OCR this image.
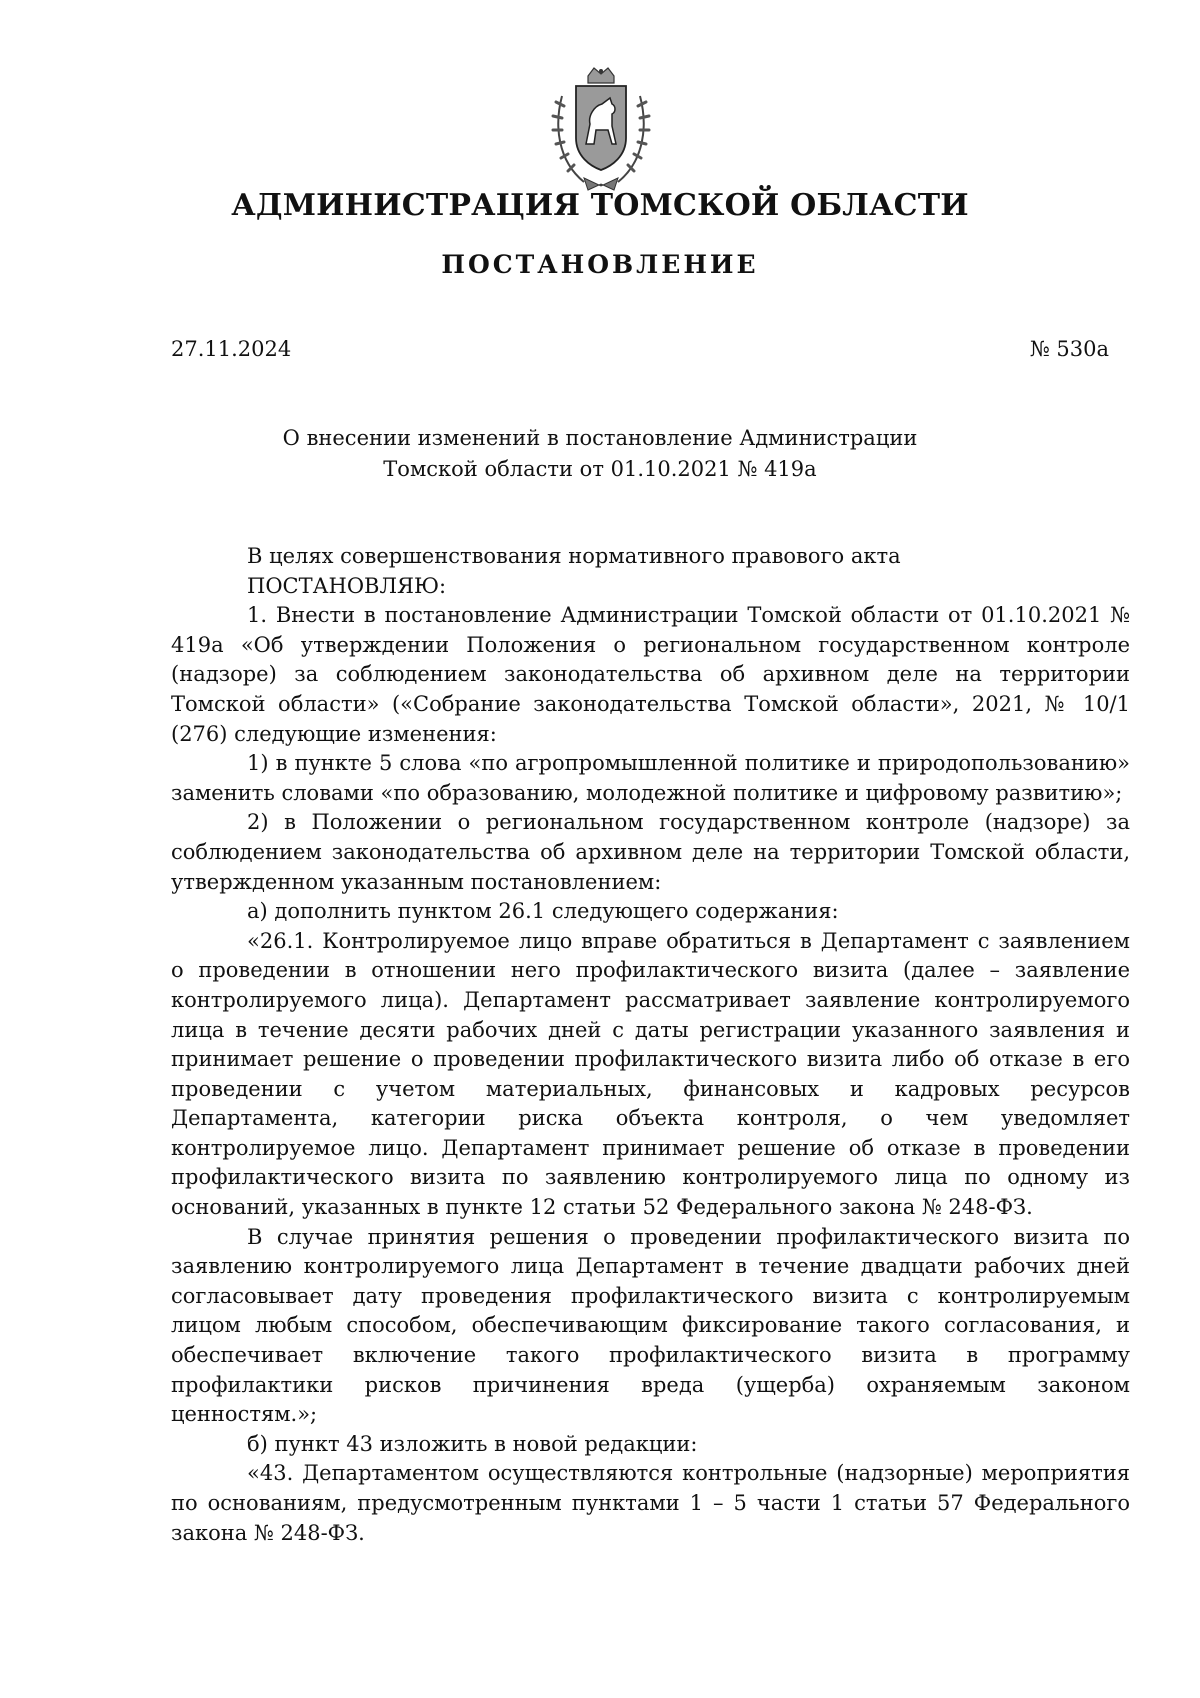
АДМИНИСТРАЦИЯ ТОМСКОЙ ОБЛАСТИ
ПОСТАНОВЛЕНИЕ
27.11.2024	№ 530а
О внесении изменений в постановление Администрации
Томской области от 01.10.2021 № 419а

В целях совершенствования нормативного правового акта

ПОСТАНОВЛЯЮ:

1. Внести в постановление Администрации Томской области от 01.10.2021 № 419а «Об утверждении Положения о региональном государственном контроле (надзоре) за соблюдением законодательства об архивном деле на территории Томской области» («Собрание законодательства Томской области», 2021, № 10/1 (276) следующие изменения:

1) в пункте 5 слова «по агропромышленной политике и природопользованию» заменить словами «по образованию, молодежной политике и цифровому развитию»;

2) в Положении о региональном государственном контроле (надзоре) за соблюдением законодательства об архивном деле на территории Томской области, утвержденном указанным постановлением:

а) дополнить пунктом 26.1 следующего содержания:

«26.1. Контролируемое лицо вправе обратиться в Департамент с заявлением о проведении в отношении него профилактического визита (далее – заявление контролируемого лица). Департамент рассматривает заявление контролируемого лица в течение десяти рабочих дней с даты регистрации указанного заявления и принимает решение о проведении профилактического визита либо об отказе в его проведении с учетом материальных, финансовых и кадровых ресурсов Департамента, категории риска объекта контроля, о чем уведомляет контролируемое лицо. Департамент принимает решение об отказе в проведении профилактического визита по заявлению контролируемого лица по одному из оснований, указанных в пункте 12 статьи 52 Федерального закона № 248-ФЗ.

В случае принятия решения о проведении профилактического визита по заявлению контролируемого лица Департамент в течение двадцати рабочих дней согласовывает дату проведения профилактического визита с контролируемым лицом любым способом, обеспечивающим фиксирование такого согласования, и обеспечивает включение такого профилактического визита в программу профилактики рисков причинения вреда (ущерба) охраняемым законом ценностям.»;

б) пункт 43 изложить в новой редакции:

«43. Департаментом осуществляются контрольные (надзорные) мероприятия по основаниям, предусмотренным пунктами 1 – 5 части 1 статьи 57 Федерального закона № 248-ФЗ.
